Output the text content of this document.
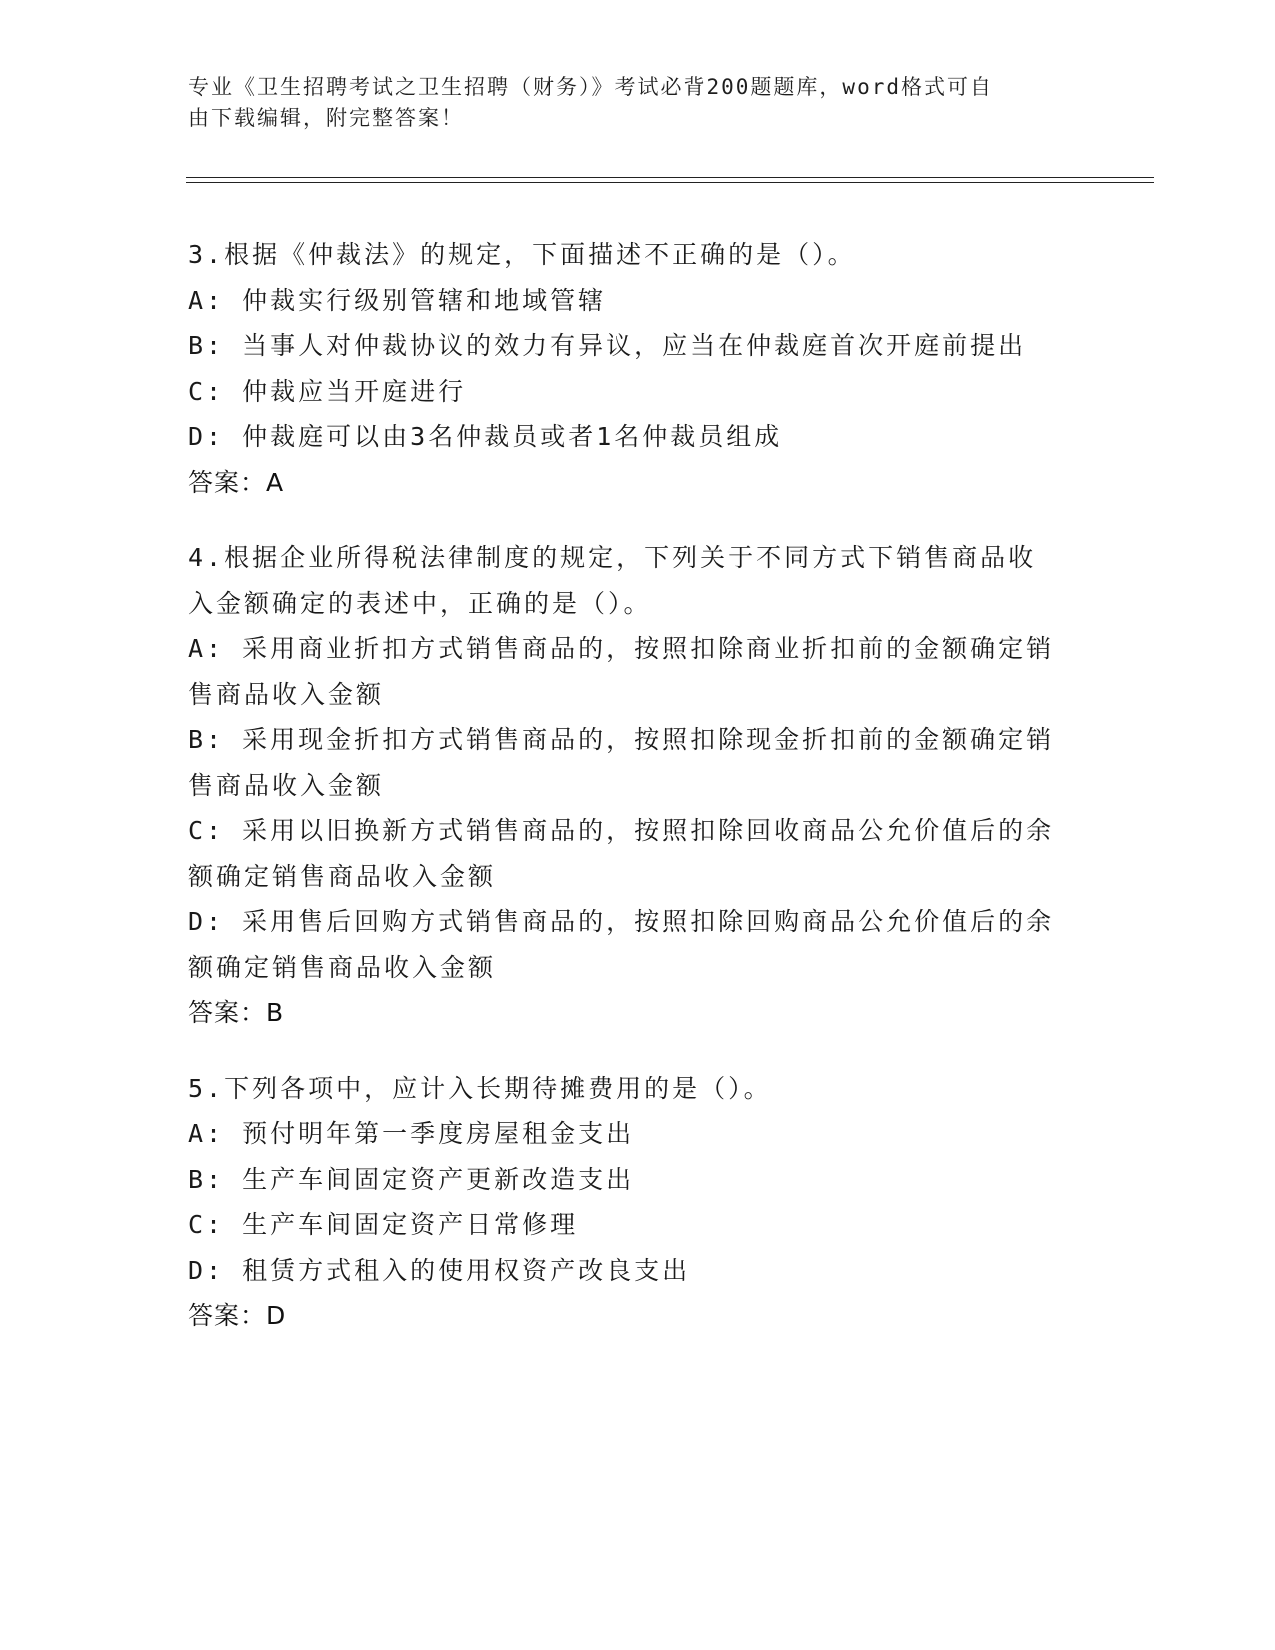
专业《卫生招聘考试之卫生招聘（财务）》考试必背200题题库，word格式可自
由下载编辑，附完整答案！
3.根据《仲裁法》的规定，下面描述不正确的是（）。
A: 仲裁实行级别管辖和地域管辖
B: 当事人对仲裁协议的效力有异议，应当在仲裁庭首次开庭前提出
C: 仲裁应当开庭进行
D: 仲裁庭可以由3名仲裁员或者1名仲裁员组成
答案：A
4.根据企业所得税法律制度的规定，下列关于不同方式下销售商品收
入金额确定的表述中，正确的是（）。
A: 采用商业折扣方式销售商品的，按照扣除商业折扣前的金额确定销
售商品收入金额
B: 采用现金折扣方式销售商品的，按照扣除现金折扣前的金额确定销
售商品收入金额
C: 采用以旧换新方式销售商品的，按照扣除回收商品公允价值后的余
额确定销售商品收入金额
D: 采用售后回购方式销售商品的，按照扣除回购商品公允价值后的余
额确定销售商品收入金额
答案：B
5.下列各项中，应计入长期待摊费用的是（）。
A: 预付明年第一季度房屋租金支出
B: 生产车间固定资产更新改造支出
C: 生产车间固定资产日常修理
D: 租赁方式租入的使用权资产改良支出
答案：D
